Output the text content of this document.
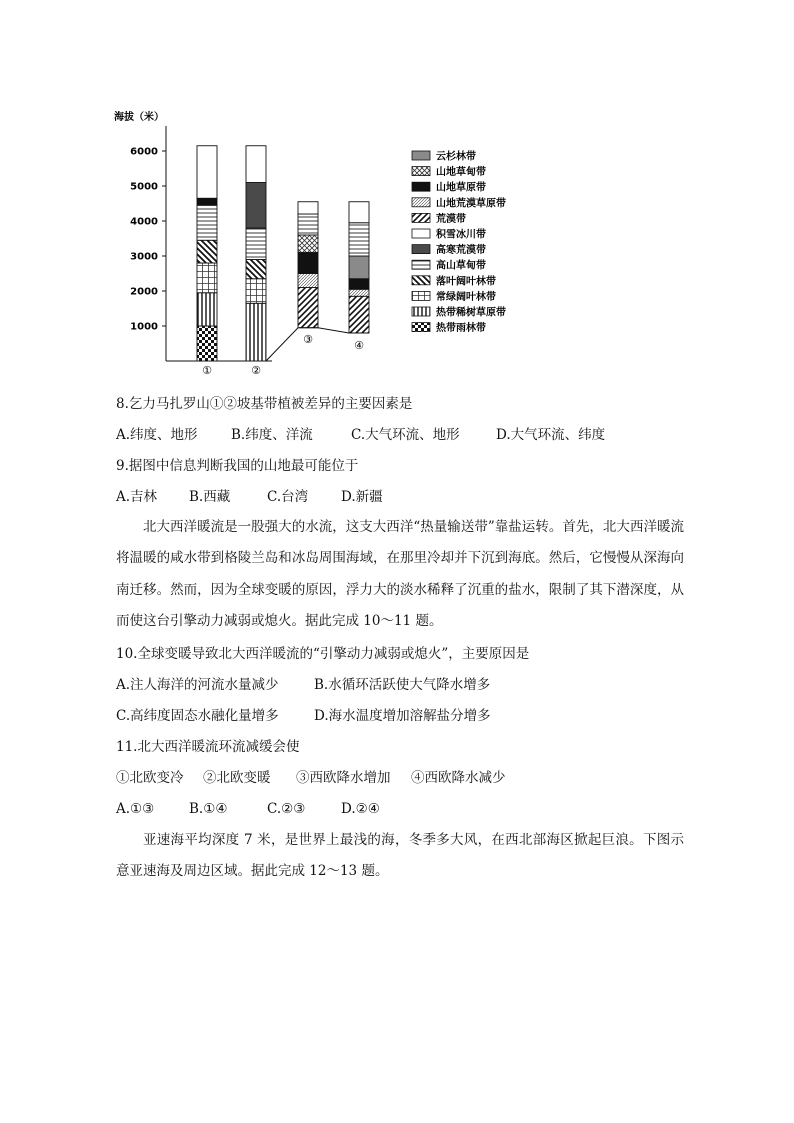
海拔（米）
1000
2000
3000
4000
5000
6000
①	②
③	④
云杉林带
山地草甸带
山地草原带
山地荒漠草原带
荒漠带
积雪冰川带
高寒荒漠带
高山草甸带
落叶阔叶林带
常绿阔叶林带
热带稀树草原带
热带雨林带
8.乞力马扎罗山①②坡基带植被差异的主要因素是
A.纬度、地形 B.纬度、洋流	C.大气环流、地形	D.大气环流、纬度
9.据图中信息判断我国的山地最可能位于
A.吉林 B.西藏	C.台湾 D.新疆
北大西洋暖流是一股强大的水流，这支大西洋“热量输送带”靠盐运转。首先，北大西洋暖流将温暖的咸水带到格陵兰岛和冰岛周围海域，在那里冷却并下沉到海底。然后，它慢慢从深海向南迁移。然而，因为全球变暖的原因，浮力大的淡水稀释了沉重的盐水，限制了其下潜深度，从而使这台引擎动力减弱或熄火。据此完成 10～11 题。
10.全球变暖导致北大西洋暖流的“引擎动力减弱或熄火”，主要原因是
A.注人海洋的河流水量减少	B.水循环活跃使大气降水增多
C.高纬度固态水融化量增多	D.海水温度增加溶解盐分增多
11.北大西洋暖流环流减缓会使
①北欧变冷 ②北欧变暖 ③西欧降水增加 ④西欧降水减少
A.①③	B.①④	C.②③	D.②④
亚速海平均深度 7 米，是世界上最浅的海，冬季多大风，在西北部海区掀起巨浪。下图示意亚速海及周边区域。据此完成 12～13 题。
